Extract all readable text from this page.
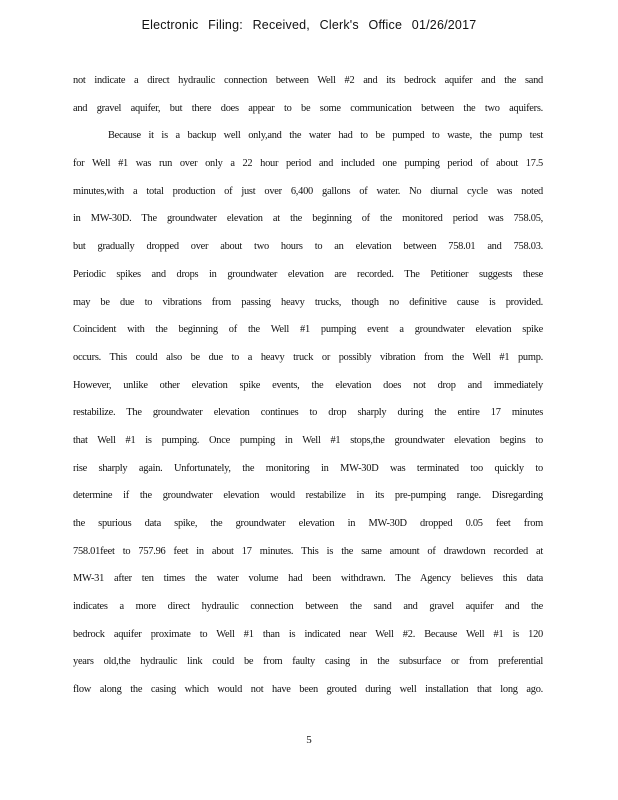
Electronic Filing: Received, Clerk's Office 01/26/2017
not indicate a direct hydraulic connection between Well #2 and its bedrock aquifer and the sand
and gravel aquifer, but there does appear to be some communication between the two aquifers.
Because it is a backup well only,and the water had to be pumped to waste, the pump test
for Well #1 was run over only a 22 hour period and included one pumping period of about 17.5
minutes,with a total production of just over 6,400 gallons of water. No diurnal cycle was noted
in MW-30D. The groundwater elevation at the beginning of the monitored period was 758.05,
but gradually dropped over about two hours to an elevation between 758.01 and 758.03.
Periodic spikes and drops in groundwater elevation are recorded. The Petitioner suggests these
may be due to vibrations from passing heavy trucks, though no definitive cause is provided.
Coincident with the beginning of the Well #1 pumping event a groundwater elevation spike
occurs. This could also be due to a heavy truck or possibly vibration from the Well #1 pump.
However, unlike other elevation spike events, the elevation does not drop and immediately
restabilize. The groundwater elevation continues to drop sharply during the entire 17 minutes
that Well #1 is pumping. Once pumping in Well #1 stops,the groundwater elevation begins to
rise sharply again. Unfortunately, the monitoring in MW-30D was terminated too quickly to
determine if the groundwater elevation would restabilize in its pre-pumping range. Disregarding
the spurious data spike, the groundwater elevation in MW-30D dropped 0.05 feet from
758.01feet to 757.96 feet in about 17 minutes. This is the same amount of drawdown recorded at
MW-31 after ten times the water volume had been withdrawn. The Agency believes this data
indicates a more direct hydraulic connection between the sand and gravel aquifer and the
bedrock aquifer proximate to Well #1 than is indicated near Well #2. Because Well #1 is 120
years old,the hydraulic link could be from faulty casing in the subsurface or from preferential
flow along the casing which would not have been grouted during well installation that long ago.
5
